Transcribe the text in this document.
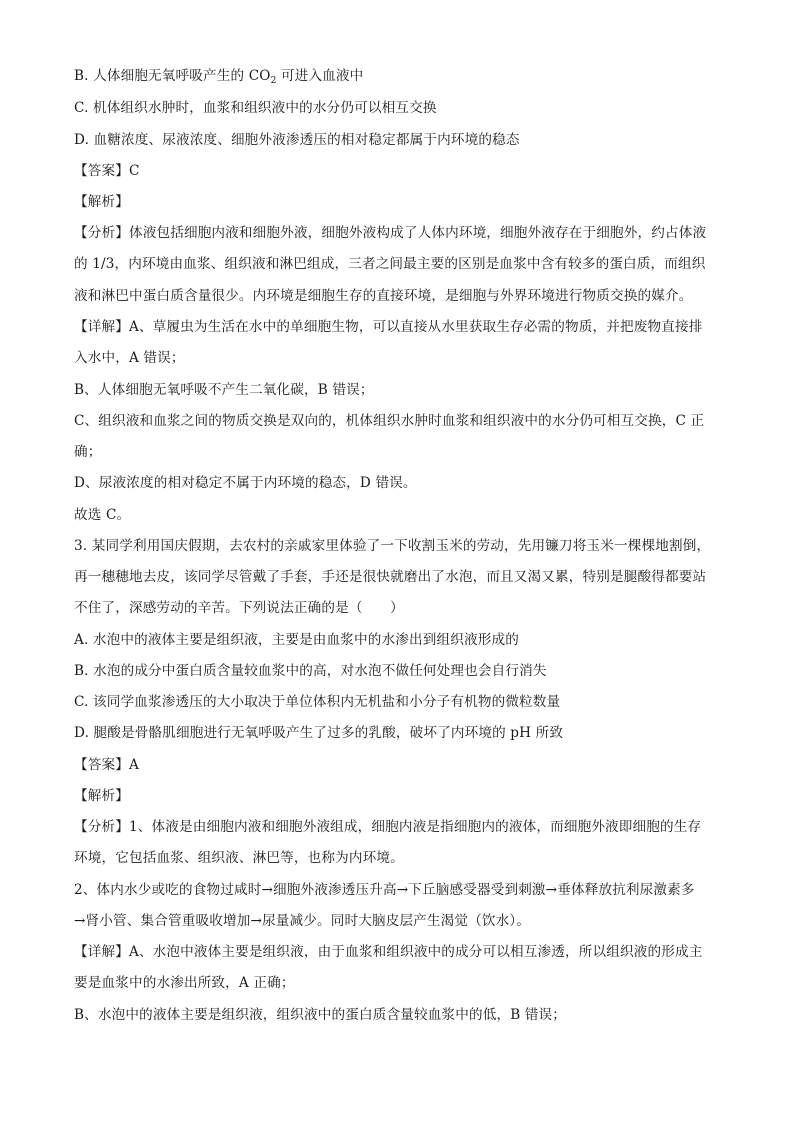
B. 人体细胞无氧呼吸产生的 $CO_2$ 可进入血液中
C. 机体组织水肿时，血浆和组织液中的水分仍可以相互交换
D. 血糖浓度、尿液浓度、细胞外液渗透压的相对稳定都属于内环境的稳态
【答案】C
【解析】
【分析】体液包括细胞内液和细胞外液，细胞外液构成了人体内环境，细胞外液存在于细胞外，约占体液
的 1/3，内环境由血浆、组织液和淋巴组成，三者之间最主要的区别是血浆中含有较多的蛋白质，而组织
液和淋巴中蛋白质含量很少。内环境是细胞生存的直接环境，是细胞与外界环境进行物质交换的媒介。
【详解】A、草履虫为生活在水中的单细胞生物，可以直接从水里获取生存必需的物质，并把废物直接排
入水中，A 错误；
B、人体细胞无氧呼吸不产生二氧化碳，B 错误；
C、组织液和血浆之间的物质交换是双向的，机体组织水肿时血浆和组织液中的水分仍可相互交换，C 正
确；
D、尿液浓度的相对稳定不属于内环境的稳态，D 错误。
故选 C。
3. 某同学利用国庆假期，去农村的亲戚家里体验了一下收割玉米的劳动，先用镰刀将玉米一棵棵地割倒，
再一穗穗地去皮，该同学尽管戴了手套，手还是很快就磨出了水泡，而且又渴又累，特别是腿酸得都要站
不住了，深感劳动的辛苦。下列说法正确的是（　　）
A. 水泡中的液体主要是组织液，主要是由血浆中的水渗出到组织液形成的
B. 水泡的成分中蛋白质含量较血浆中的高，对水泡不做任何处理也会自行消失
C. 该同学血浆渗透压的大小取决于单位体积内无机盐和小分子有机物的微粒数量
D. 腿酸是骨骼肌细胞进行无氧呼吸产生了过多的乳酸，破坏了内环境的 pH 所致
【答案】A
【解析】
【分析】1、体液是由细胞内液和细胞外液组成，细胞内液是指细胞内的液体，而细胞外液即细胞的生存
环境，它包括血浆、组织液、淋巴等，也称为内环境。
2、体内水少或吃的食物过咸时→细胞外液渗透压升高→下丘脑感受器受到刺激→垂体释放抗利尿激素多
→肾小管、集合管重吸收增加→尿量减少。同时大脑皮层产生渴觉（饮水）。
【详解】A、水泡中液体主要是组织液，由于血浆和组织液中的成分可以相互渗透，所以组织液的形成主
要是血浆中的水渗出所致，A 正确；
B、水泡中的液体主要是组织液，组织液中的蛋白质含量较血浆中的低，B 错误；
